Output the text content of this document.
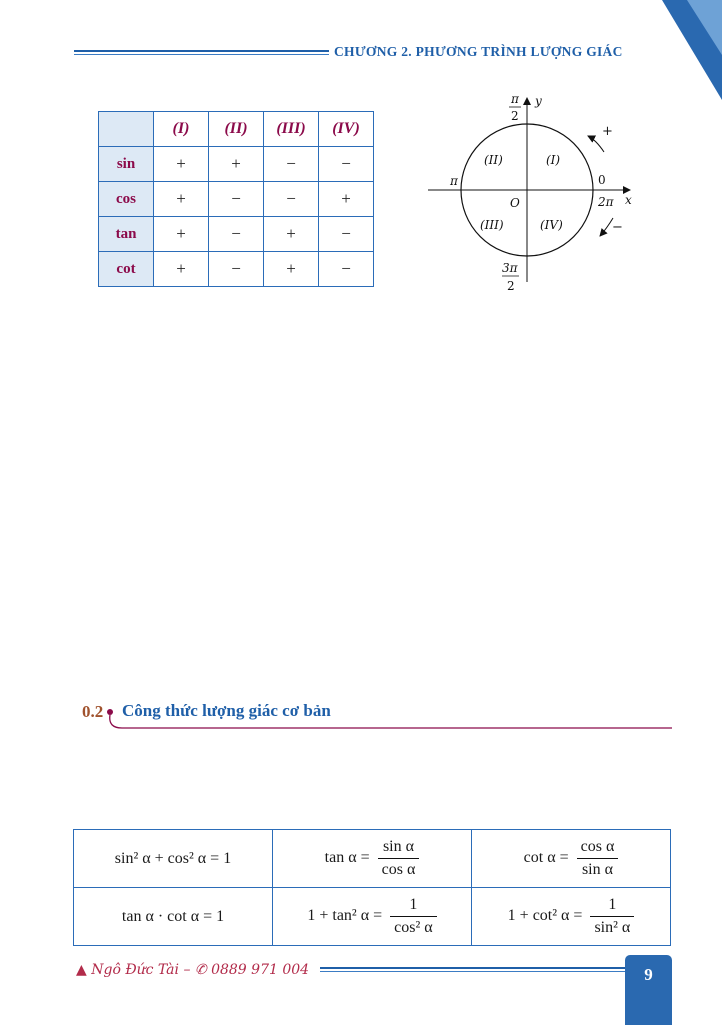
CHƯƠNG 2. PHƯƠNG TRÌNH LƯỢNG GIÁC
	(I)	(II)	(III)	(IV)
sin	+	+	−	−
cos	+	−	−	+
tan	+	−	+	−
cot	+	−	+	−
π
2
y
π	0
2π x
O
(II)	(I)
(III)	(IV)
3π
2
+
−
0.2 Công thức lượng giác cơ bản
sin² α + cos² α = 1	$\tan \alpha = \frac{\text{sin α}}{\text{cos α}}$	$\cot \alpha = \frac{\text{cos α}}{\text{sin α}}$

tan α · cot α = 1	1 + tan² $\alpha = \frac{1}{\text{cos² α}}$	1 + cot² $\alpha = \frac{1}{\text{sin² α}}$
▲ Ngô Đức Tài – ✆ 0889 971 004	9
